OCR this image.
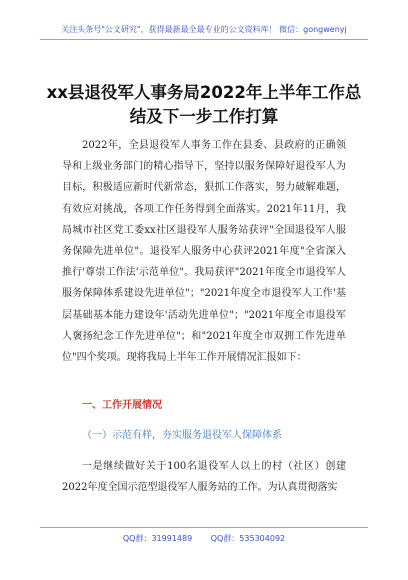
关注头条号"公文研究"，获得最新最全最专业的公文资料库！ 微信：gongwenyj
xx县退役军人事务局2022年上半年工作总结及下一步工作打算

2022年，全县退役军人事务工作在县委、县政府的正确领导和上级业务部门的精心指导下，坚持以服务保障好退役军人为目标，积极适应新时代新常态，狠抓工作落实，努力破解难题，有效应对挑战，各项工作任务得到全面落实。2021年11月，我局城市社区党工委xx社区退役军人服务站获评"全国退役军人服务保障先进单位"。退役军人服务中心获评2021年度"全省深入推行'尊崇工作法'示范单位"。我局获评"2021年度全市退役军人服务保障体系建设先进单位"；"2021年度全市退役军人工作'基层基础基本能力建设年'活动先进单位"；"2021年度全市退役军人褒扬纪念工作先进单位"；和"2021年度全市双拥工作先进单位"四个奖项。现将我局上半年工作开展情况汇报如下：

一、工作开展情况
（一）示范有样，夯实服务退役军人保障体系

一是继续做好关于100名退役军人以上的村（社区）创建2022年度全国示范型退役军人服务站的工作。为认真贯彻落实

QQ群：31991489 QQ群：535304092
